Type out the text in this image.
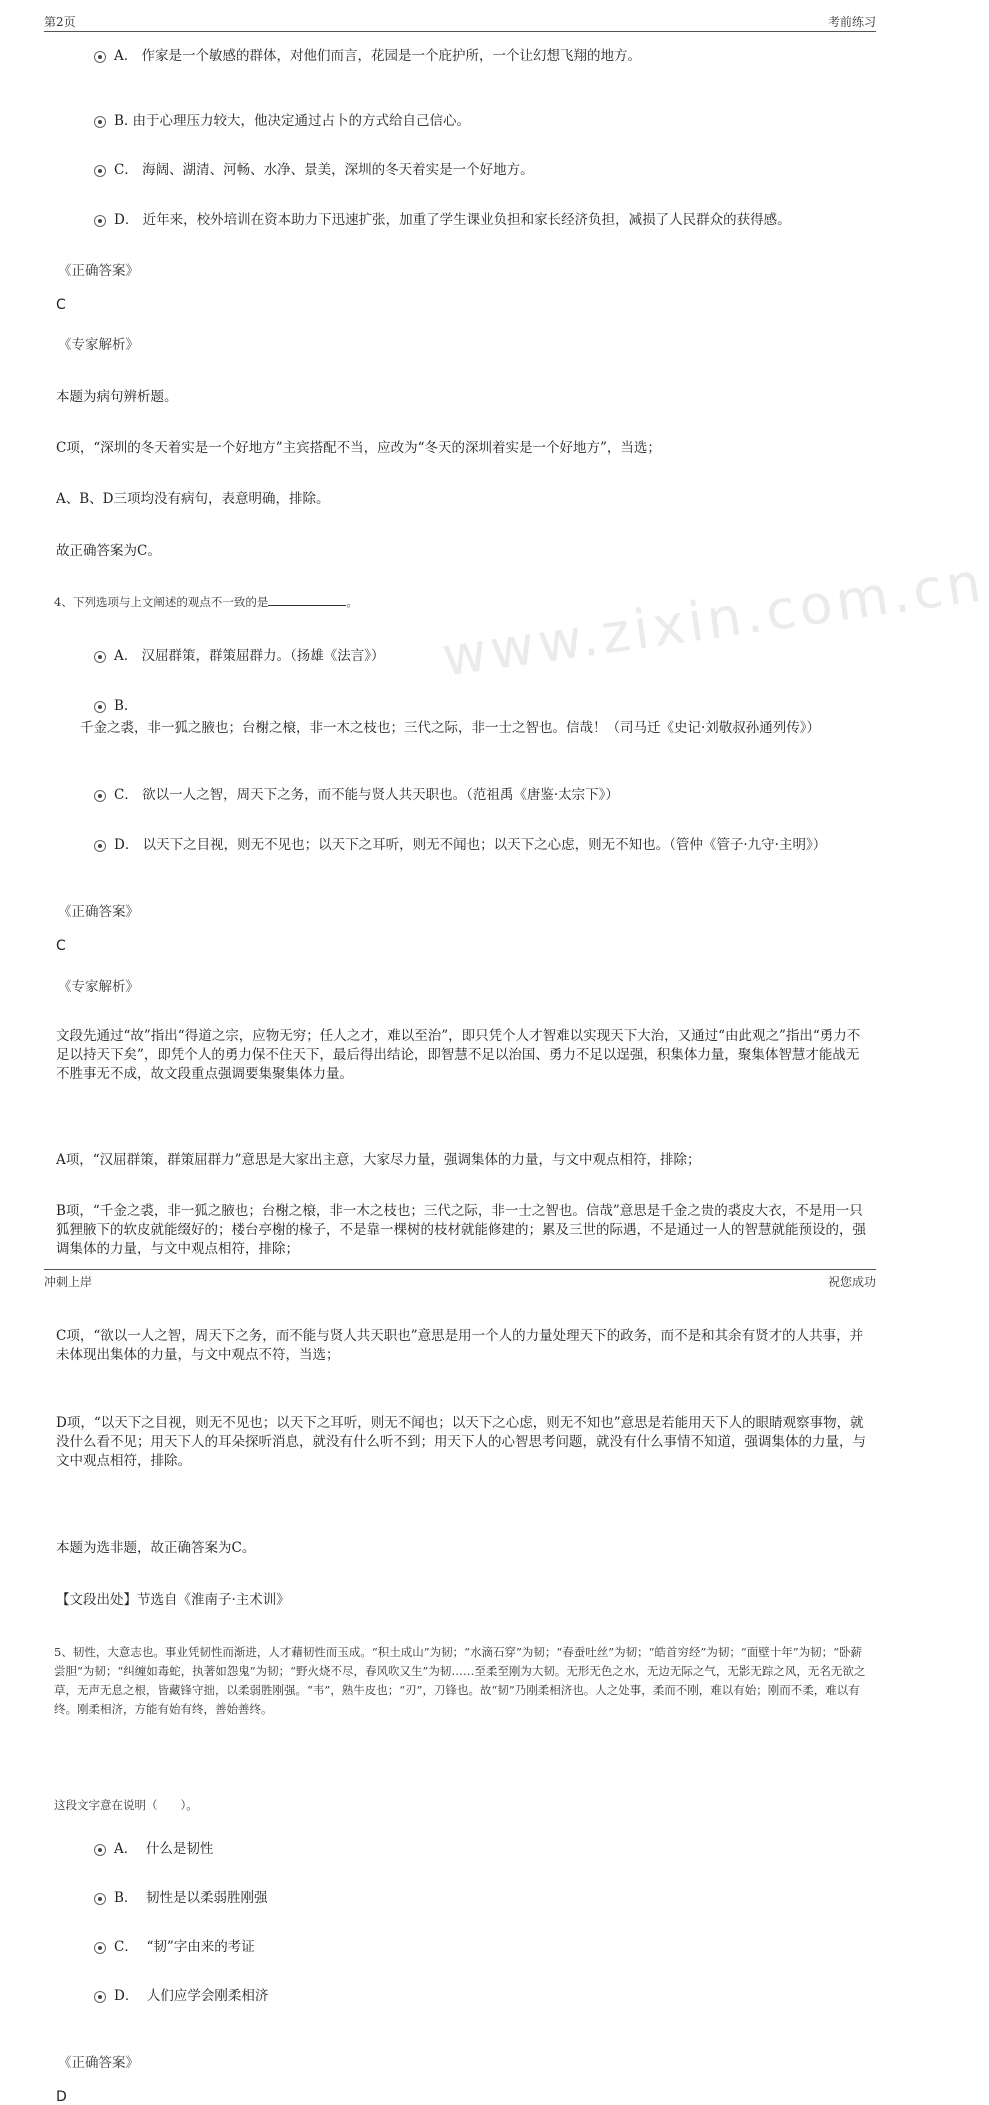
第2页	考前练习
www.zixin.com.cn
A． 作家是一个敏感的群体，对他们而言，花园是一个庇护所，一个让幻想飞翔的地方。
B. 由于心理压力较大，他决定通过占卜的方式给自己信心。
C． 海阔、湖清、河畅、水净、景美，深圳的冬天着实是一个好地方。
D． 近年来，校外培训在资本助力下迅速扩张，加重了学生课业负担和家长经济负担，减损了人民群众的获得感。
《正确答案》
C
《专家解析》
本题为病句辨析题。
C项，“深圳的冬天着实是一个好地方”主宾搭配不当，应改为“冬天的深圳着实是一个好地方”，当选；
A、B、D三项均没有病句，表意明确，排除。
故正确答案为C。
4、下列选项与上文阐述的观点不一致的是	。
A． 汉屈群策，群策屈群力。（扬雄《法言》）
B. 千金之裘，非一狐之腋也；台榭之榱，非一木之枝也；三代之际，非一士之智也。信哉！（司马迁《史记·刘敬叔孙通列传》）
C． 欲以一人之智，周天下之务，而不能与贤人共天职也。（范祖禹《唐鉴·太宗下》）
D． 以天下之目视，则无不见也；以天下之耳听，则无不闻也；以天下之心虑，则无不知也。（管仲《管子·九守·主明》）
《正确答案》
C
《专家解析》
文段先通过“故”指出“得道之宗，应物无穷；任人之才，难以至治”，即只凭个人才智难以实现天下大治，又通过“由此观之”指出“勇力不足以持天下矣”，即凭个人的勇力保不住天下，最后得出结论，即智慧不足以治国、勇力不足以逞强，积集体力量，聚集体智慧才能战无不胜事无不成，故文段重点强调要集聚集体力量。
A项，“汉屈群策，群策屈群力”意思是大家出主意，大家尽力量，强调集体的力量，与文中观点相符，排除；
B项，“千金之裘，非一狐之腋也；台榭之榱，非一木之枝也；三代之际，非一士之智也。信哉”意思是千金之贵的裘皮大衣，不是用一只狐狸腋下的软皮就能缀好的；楼台亭榭的椽子，不是靠一棵树的枝材就能修建的；累及三世的际遇，不是通过一人的智慧就能预设的，强调集体的力量，与文中观点相符，排除；
C项，“欲以一人之智，周天下之务，而不能与贤人共天职也”意思是用一个人的力量处理天下的政务，而不是和其余有贤才的人共事，并未体现出集体的力量，与文中观点不符，当选；
D项，“以天下之目视，则无不见也；以天下之耳听，则无不闻也；以天下之心虑，则无不知也”意思是若能用天下人的眼睛观察事物，就没什么看不见；用天下人的耳朵探听消息，就没有什么听不到；用天下人的心智思考问题，就没有什么事情不知道，强调集体的力量，与文中观点相符，排除。
本题为选非题，故正确答案为C。
【文段出处】节选自《淮南子·主术训》
5、韧性，大意志也。事业凭韧性而渐进，人才藉韧性而玉成。“积土成山”为韧；“水滴石穿”为韧；“春蚕吐丝”为韧；“皓首穷经”为韧；“面壁十年”为韧；“卧薪尝胆”为韧；“纠缠如毒蛇，执著如怨鬼”为韧；“野火烧不尽，春风吹又生”为韧……至柔至刚为大韧。无形无色之水，无边无际之气，无影无踪之风，无名无欲之草，无声无息之根，皆藏锋守拙，以柔弱胜刚强。“韦”，熟牛皮也；“刃”，刀锋也。故“韧”乃刚柔相济也。人之处事，柔而不刚，难以有始；刚而不柔，难以有终。刚柔相济，方能有始有终，善始善终。
这段文字意在说明（　　）。
A． 什么是韧性
B． 韧性是以柔弱胜刚强
C． “韧”字由来的考证
D． 人们应学会刚柔相济
《正确答案》
D
冲刺上岸	祝您成功
